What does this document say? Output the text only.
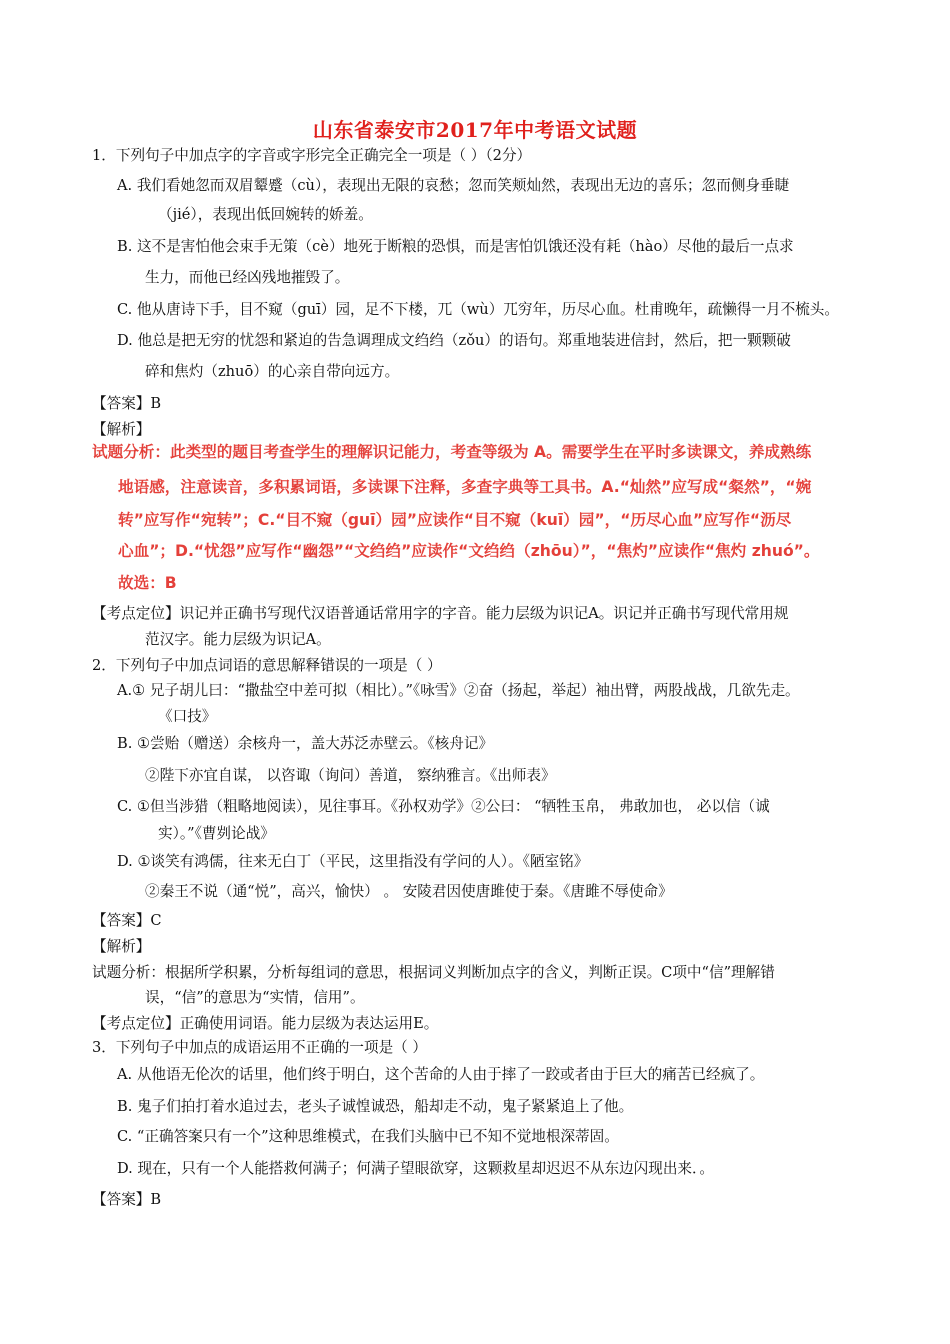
山东省泰安市2017年中考语文试题
1．下列句子中加点字的字音或字形完全正确完全一项是（ ）（2分）
A. 我们看她忽而双眉颦蹙（cù），表现出无限的哀愁；忽而笑颊灿然，表现出无边的喜乐；忽而侧身垂睫
（jié），表现出低回婉转的娇羞。
B. 这不是害怕他会束手无策（cè）地死于断粮的恐惧，而是害怕饥饿还没有耗（hào）尽他的最后一点求
生力，而他已经凶残地摧毁了。
C. 他从唐诗下手，目不窥（guī）园，足不下楼，兀（wù）兀穷年，历尽心血。杜甫晚年，疏懒得一月不梳头。
D. 他总是把无穷的忧怨和紧迫的告急调理成文绉绉（zǒu）的语句。郑重地装进信封，然后，把一颗颗破
碎和焦灼（zhuō）的心亲自带向远方。
【答案】B
【解析】
试题分析：此类型的题目考查学生的理解识记能力，考查等级为 A。需要学生在平时多读课文，养成熟练
地语感，注意读音，多积累词语，多读课下注释，多查字典等工具书。A.“灿然”应写成“粲然”，“婉
转”应写作“宛转”；C.“目不窥（guī）园”应读作“目不窥（kuī）园”，“历尽心血”应写作“沥尽
心血”；D.“忧怨”应写作“幽怨”“文绉绉”应读作“文绉绉（zhōu）”，“焦灼”应读作“焦灼 zhuó”。
故选：B
【考点定位】识记并正确书写现代汉语普通话常用字的字音。能力层级为识记A。识记并正确书写现代常用规
范汉字。能力层级为识记A。
2．下列句子中加点词语的意思解释错误的一项是（ ）
A.① 兄子胡儿曰：“撒盐空中差可拟（相比）。”《咏雪》②奋（扬起，举起）袖出臂，两股战战，几欲先走。
《口技》
B. ①尝贻（赠送）余核舟一，盖大苏泛赤壁云。《核舟记》
②陛下亦宜自谋， 以咨诹（询问）善道， 察纳雅言。《出师表》
C. ①但当涉猎（粗略地阅读），见往事耳。《孙权劝学》②公曰： “牺牲玉帛， 弗敢加也， 必以信（诚
实）。”《曹刿论战》
D. ①谈笑有鸿儒，往来无白丁（平民，这里指没有学问的人）。《陋室铭》
②秦王不说（通“悦”，高兴，愉快） 。 安陵君因使唐雎使于秦。《唐雎不辱使命》
【答案】C
【解析】
试题分析：根据所学积累，分析每组词的意思，根据词义判断加点字的含义，判断正误。C项中“信”理解错
误，“信”的意思为“实情，信用”。
【考点定位】正确使用词语。能力层级为表达运用E。
3．下列句子中加点的成语运用不正确的一项是（ ）
A. 从他语无伦次的话里，他们终于明白，这个苦命的人由于摔了一跤或者由于巨大的痛苦已经疯了。
B. 鬼子们拍打着水追过去，老头子诚惶诚恐，船却走不动，鬼子紧紧追上了他。
C. “正确答案只有一个”这种思维模式，在我们头脑中已不知不觉地根深蒂固。
D. 现在，只有一个人能搭救何满子；何满子望眼欲穿，这颗救星却迟迟不从东边闪现出来．。
【答案】B
